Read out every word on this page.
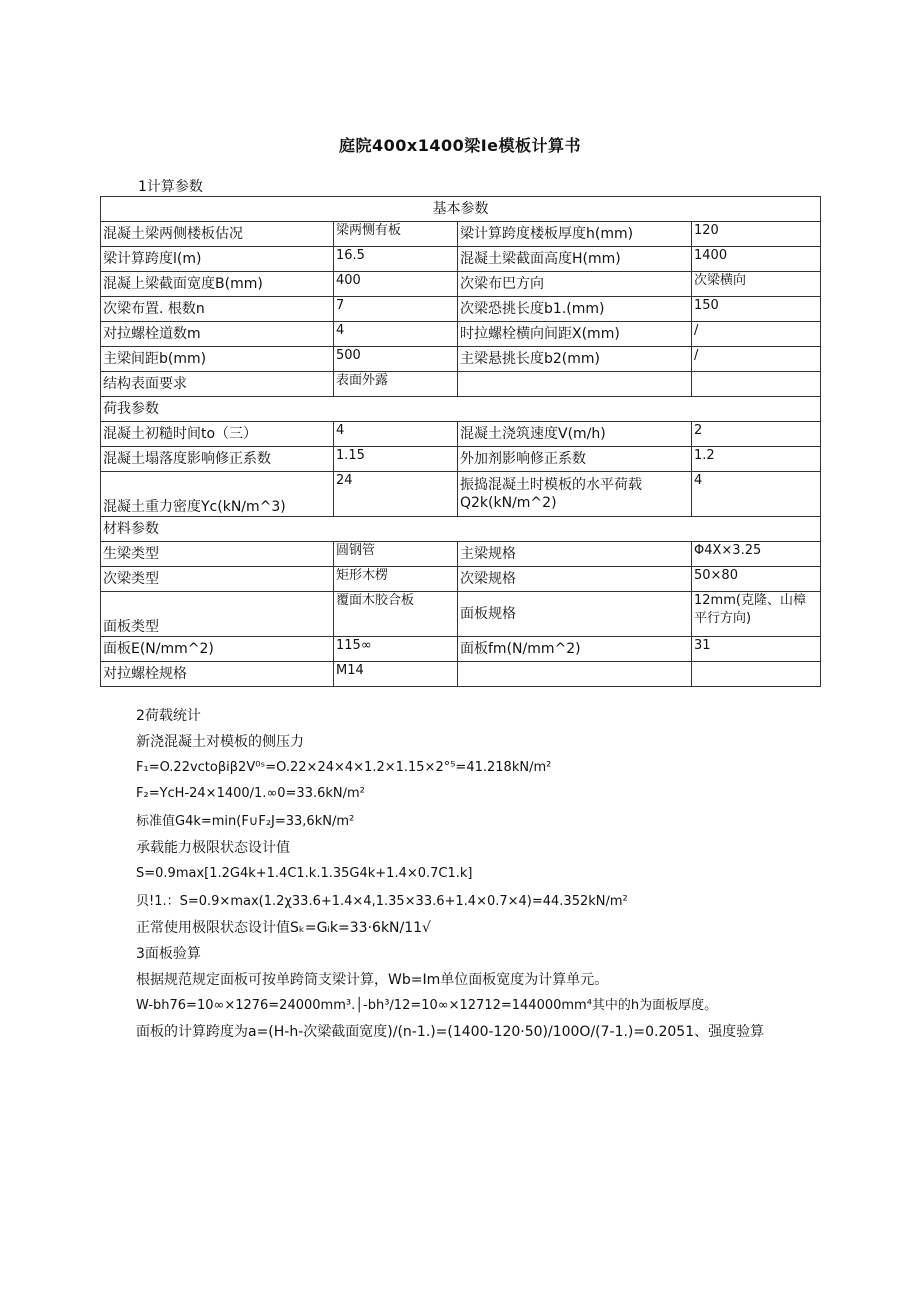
庭院400x1400梁Ie模板计算书
1计算参数
基本参数			
混凝土梁两侧楼板估况	梁两恻有板	梁计算跨度楼板厚度h(mm)	120
梁计算跨度l(m)	16.5	混凝土梁截面高度H(mm)	1400
混凝上梁截面宽度B(mm)	400	次梁布巴方向	次梁横向
次梁布置. 根数n	7	次梁恐挑长度b1.(mm)	150
对拉螺栓道数m	4	时拉螺栓横向间距X(mm)	/
主梁间距b(mm)	500	主梁悬挑长度b2(mm)	/
结构表面要求	表面外露		
荷我参数			
混凝土初糙时间to（三）	4	混凝土浇筑速度V(m∕h)	2
混凝土塌落度影响修正系数	1.15	外加剂影响修正系数	1.2
混凝土重力密度Yc(kN∕m^3)	24	振捣混凝土时模板的水平荷载Q2k(kN∕m^2)	4
材料参数			
生梁类型	圆钢管	主梁规格	Φ4X×3.25
次梁类型	矩形木楞	次梁规格	50×80
面板类型	覆面木胶合板	面板规格	12mm(克隆、山樟平行方向)
面板E(N∕mm^2)	115∞	面板fm(N/mm^2)	31
对拉螺栓规格	M14		
2荷载统计
新浇混凝土对模板的侧压力
F₁=O.22vctoβiβ2V⁰ˢ=O.22×24×4×1.2×1.15×2°⁵=41.218kN∕m²
F₂=YcH-24×1400∕1.∞0=33.6kN∕m²
标准值G4k=min(F∪F₂J=33,6kN∕m²
承载能力极限状态设计值
S=0.9max[1.2G4k+1.4C1.k.1.35G4k+1.4×0.7C1.k]
贝!1.：S=0.9×max(1.2χ33.6+1.4×4,1.35×33.6+1.4×0.7×4)=44.352kN∕m²
正常使用极限状态设计值Sₖ=Gᵢk=33·6kN∕11√
3面板验算
根据规范规定面板可按单跨筒支梁计算，Wb=Im单位面板宽度为计算单元。
W-bh76=10∞×1276=24000mm³.│-bh³∕12=10∞×12712=144000mm⁴其中的h为面板厚度。
面板的计算跨度为a=(H-h-次梁截面宽度)∕(n-1.)=(1400-120·50)/100O/(7-1.)=0.2051、强度验算
